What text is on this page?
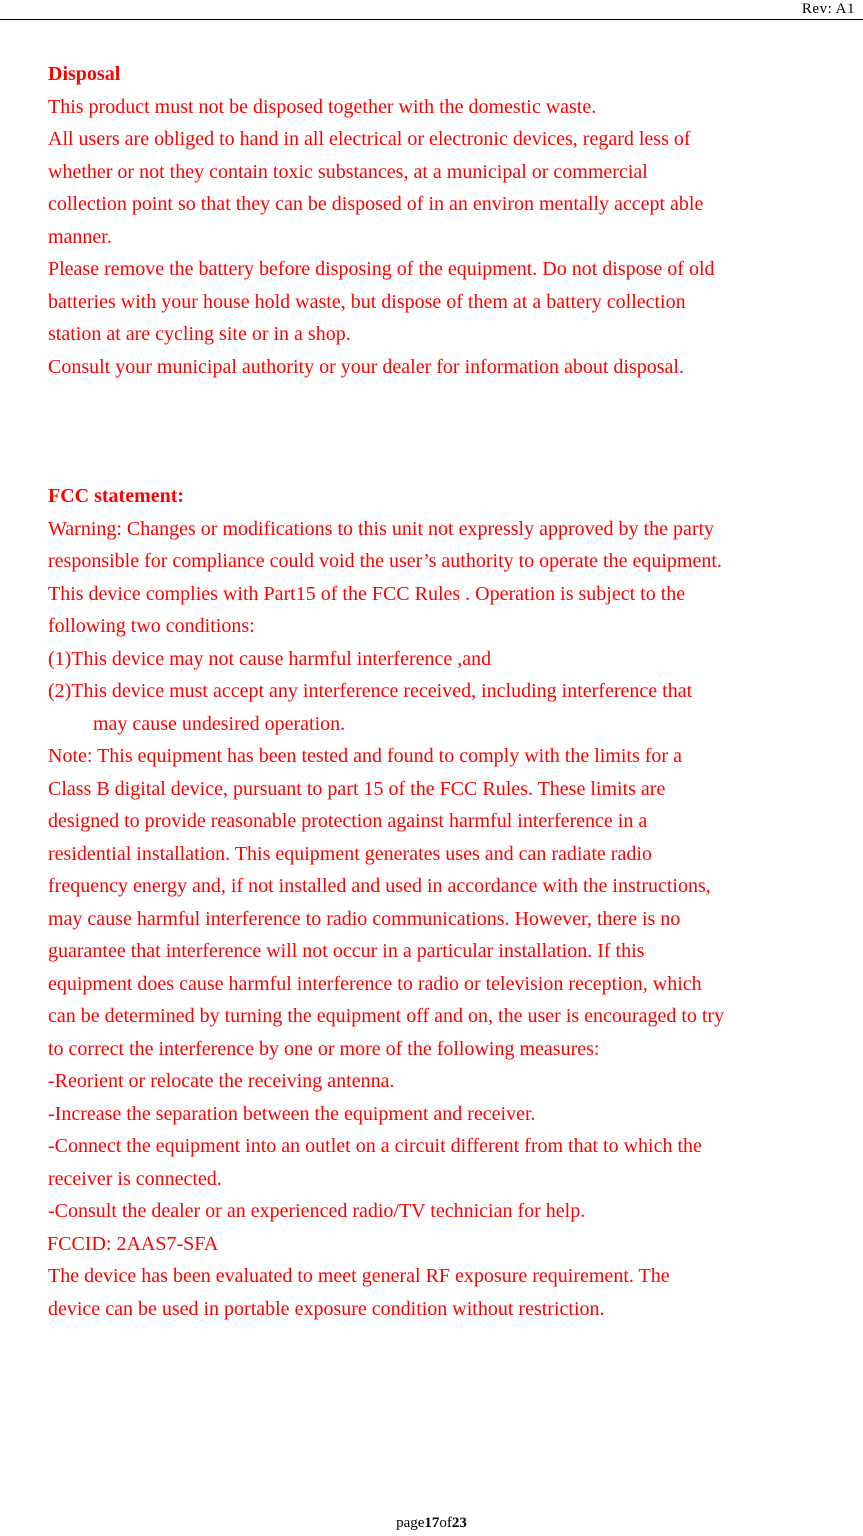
Rev: A1

Disposal

This product must not be disposed together with the domestic waste.

All users are obliged to hand in all electrical or electronic devices, regard less of

whether or not they contain toxic substances, at a municipal or commercial

collection point so that they can be disposed of in an environ mentally accept able

manner.

Please remove the battery before disposing of the equipment. Do not dispose of old

batteries with your house hold waste, but dispose of them at a battery collection

station at are cycling site or in a shop.

Consult your municipal authority or your dealer for information about disposal.

FCC statement:

Warning: Changes or modifications to this unit not expressly approved by the party

responsible for compliance could void the user’s authority to operate the equipment.

This device complies with Part15 of the FCC Rules . Operation is subject to the

following two conditions:

(1)This device may not cause harmful interference ,and

(2)This device must accept any interference received, including interference that

may cause undesired operation.

Note: This equipment has been tested and found to comply with the limits for a

Class B digital device, pursuant to part 15 of the FCC Rules. These limits are

designed to provide reasonable protection against harmful interference in a

residential installation. This equipment generates uses and can radiate radio

frequency energy and, if not installed and used in accordance with the instructions,

may cause harmful interference to radio communications. However, there is no

guarantee that interference will not occur in a particular installation. If this

equipment does cause harmful interference to radio or television reception, which

can be determined by turning the equipment off and on, the user is encouraged to try

to correct the interference by one or more of the following measures:

-Reorient or relocate the receiving antenna.

-Increase the separation between the equipment and receiver.

-Connect the equipment into an outlet on a circuit different from that to which the

receiver is connected.

-Consult the dealer or an experienced radio/TV technician for help.

FCCID: 2AAS7-SFA

The device has been evaluated to meet general RF exposure requirement. The

device can be used in portable exposure condition without restriction.

page17of23
